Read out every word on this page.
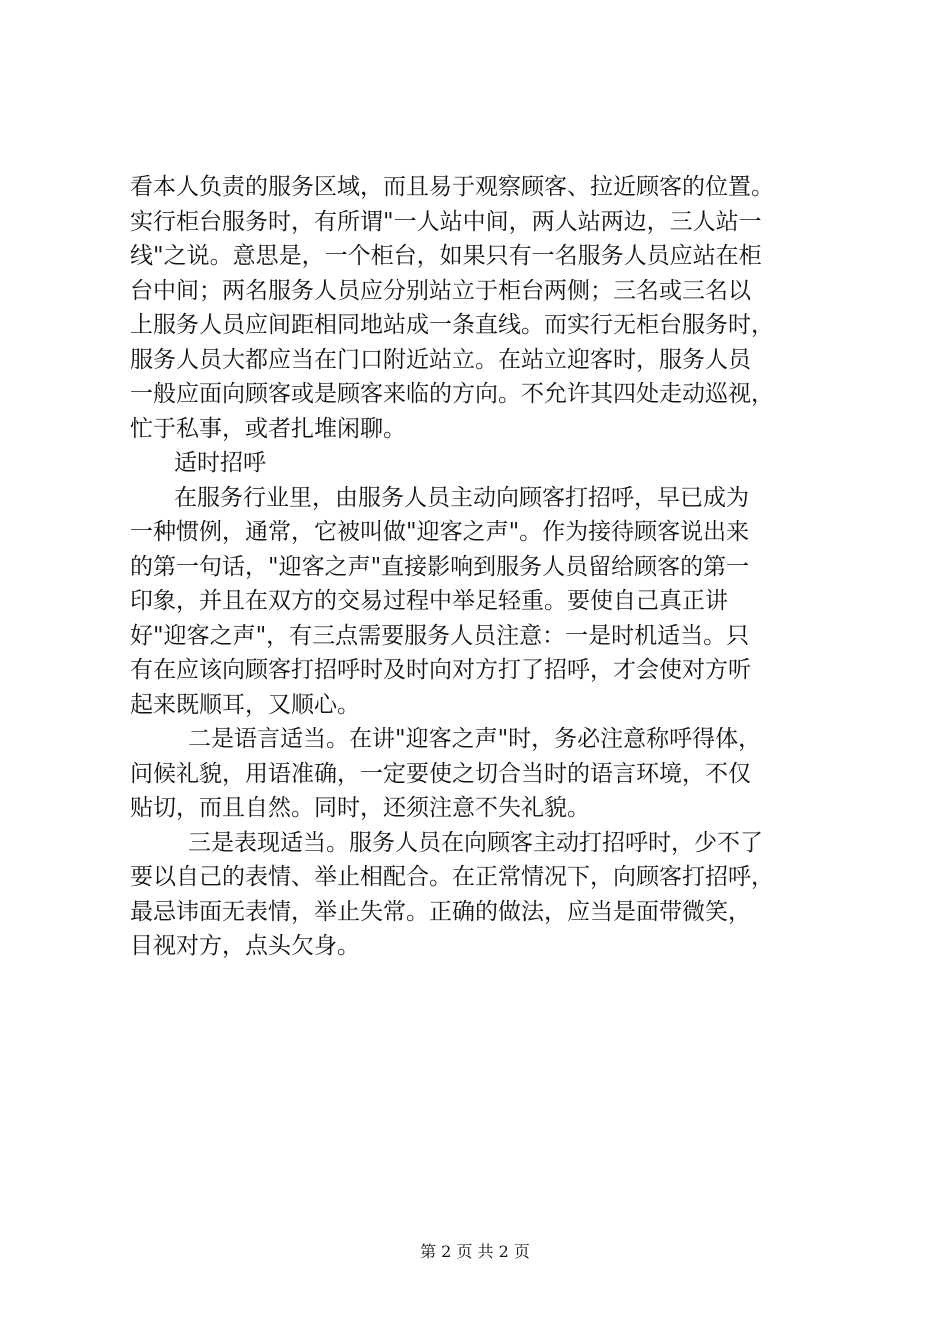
看本人负责的服务区域，而且易于观察顾客、拉近顾客的位置。
实行柜台服务时，有所谓"一人站中间，两人站两边，三人站一
线"之说。意思是，一个柜台，如果只有一名服务人员应站在柜
台中间；两名服务人员应分别站立于柜台两侧；三名或三名以
上服务人员应间距相同地站成一条直线。而实行无柜台服务时，
服务人员大都应当在门口附近站立。在站立迎客时，服务人员
一般应面向顾客或是顾客来临的方向。不允许其四处走动巡视，
忙于私事，或者扎堆闲聊。
适时招呼
在服务行业里，由服务人员主动向顾客打招呼，早已成为
一种惯例，通常，它被叫做"迎客之声"。作为接待顾客说出来
的第一句话，"迎客之声"直接影响到服务人员留给顾客的第一
印象，并且在双方的交易过程中举足轻重。要使自己真正讲
好"迎客之声"，有三点需要服务人员注意：一是时机适当。只
有在应该向顾客打招呼时及时向对方打了招呼，才会使对方听
起来既顺耳，又顺心。
二是语言适当。在讲"迎客之声"时，务必注意称呼得体，
问候礼貌，用语准确，一定要使之切合当时的语言环境，不仅
贴切，而且自然。同时，还须注意不失礼貌。
三是表现适当。服务人员在向顾客主动打招呼时，少不了
要以自己的表情、举止相配合。在正常情况下，向顾客打招呼，
最忌讳面无表情，举止失常。正确的做法，应当是面带微笑，
目视对方，点头欠身。
第 2 页 共 2 页
